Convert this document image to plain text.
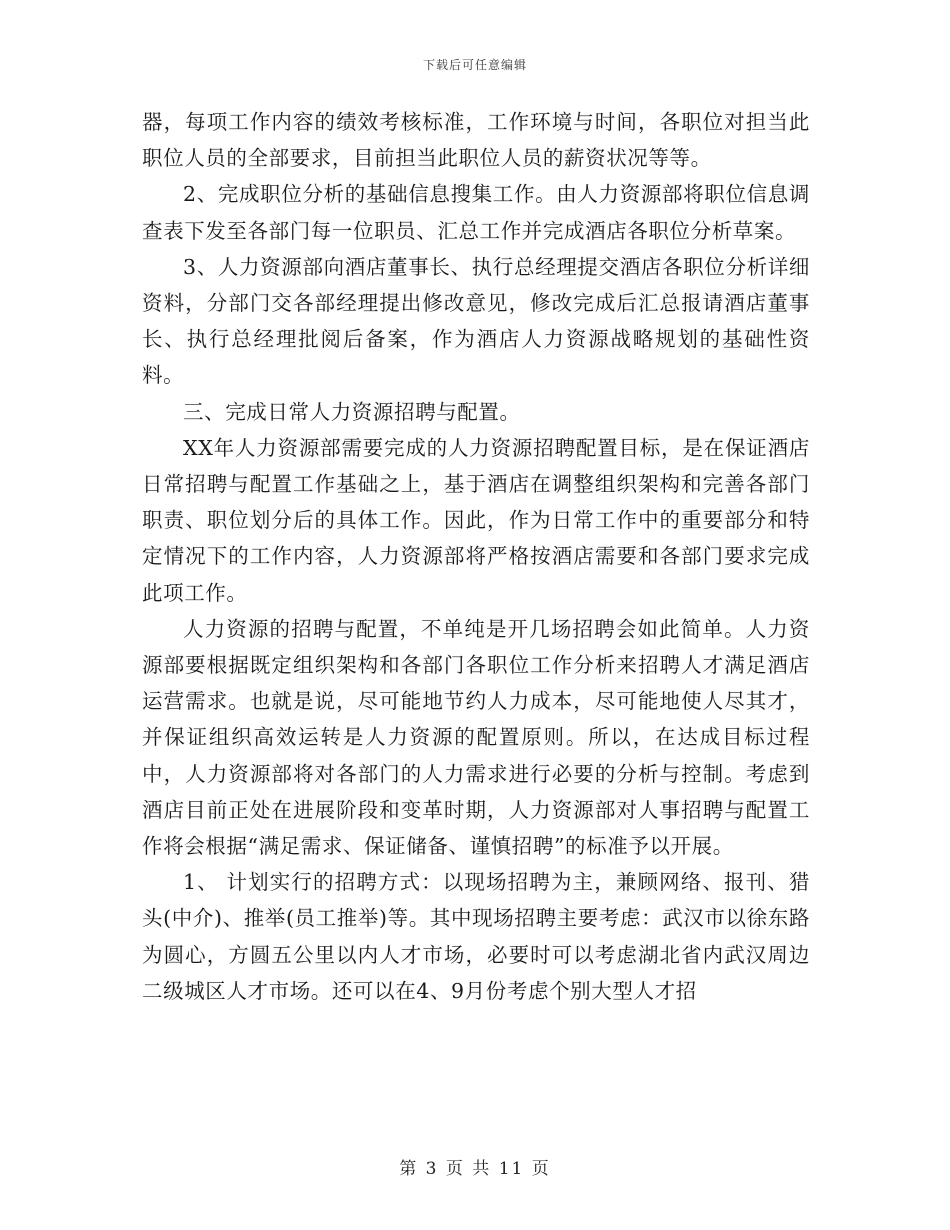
下载后可任意编辑

器，每项工作内容的绩效考核标准，工作环境与时间，各职位对担当此职位人员的全部要求，目前担当此职位人员的薪资状况等等。

2、完成职位分析的基础信息搜集工作。由人力资源部将职位信息调查表下发至各部门每一位职员、汇总工作并完成酒店各职位分析草案。

3、人力资源部向酒店董事长、执行总经理提交酒店各职位分析详细资料，分部门交各部经理提出修改意见，修改完成后汇总报请酒店董事长、执行总经理批阅后备案，作为酒店人力资源战略规划的基础性资料。

三、完成日常人力资源招聘与配置。

XX年人力资源部需要完成的人力资源招聘配置目标，是在保证酒店日常招聘与配置工作基础之上，基于酒店在调整组织架构和完善各部门职责、职位划分后的具体工作。因此，作为日常工作中的重要部分和特定情况下的工作内容，人力资源部将严格按酒店需要和各部门要求完成此项工作。

人力资源的招聘与配置，不单纯是开几场招聘会如此简单。人力资源部要根据既定组织架构和各部门各职位工作分析来招聘人才满足酒店运营需求。也就是说，尽可能地节约人力成本，尽可能地使人尽其才，并保证组织高效运转是人力资源的配置原则。所以，在达成目标过程中，人力资源部将对各部门的人力需求进行必要的分析与控制。考虑到酒店目前正处在进展阶段和变革时期，人力资源部对人事招聘与配置工作将会根据“满足需求、保证储备、谨慎招聘”的标准予以开展。

1、 计划实行的招聘方式：以现场招聘为主，兼顾网络、报刊、猎头(中介)、推举(员工推举)等。其中现场招聘主要考虑：武汉市以徐东路为圆心，方圆五公里以内人才市场，必要时可以考虑湖北省内武汉周边二级城区人才市场。还可以在4、9月份考虑个别大型人才招

第 3 页 共 11 页
